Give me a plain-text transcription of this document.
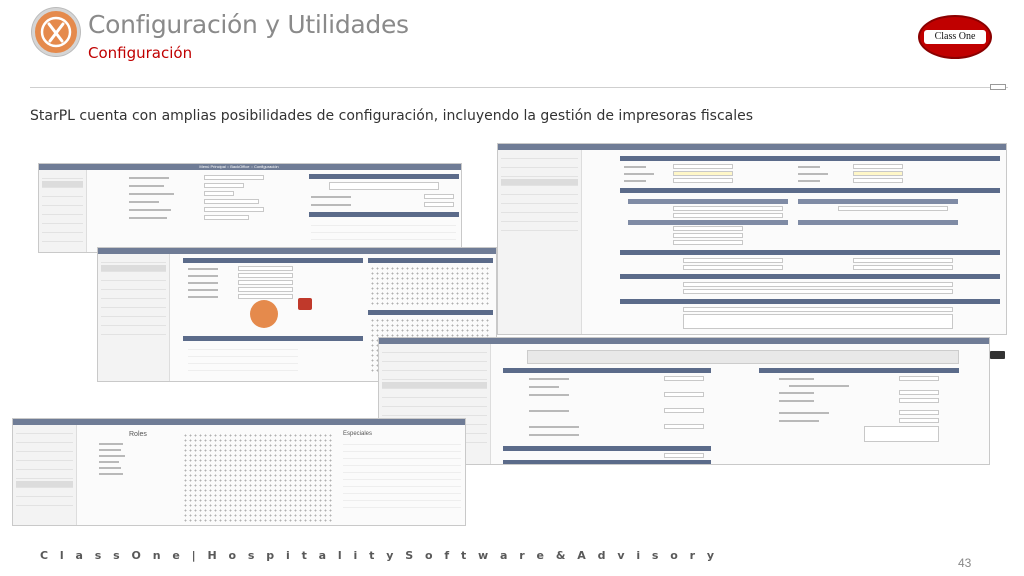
Configuración y Utilidades
Configuración
Class One
StarPL cuenta con amplias posibilidades de configuración, incluyendo la gestión de impresoras fiscales
Menú Principal :: BackOffice :: Configuración
Roles	Especiales
C l a s s O n e | H o s p i t a l i t y S o f t w a r e & A d v i s o r y
43
